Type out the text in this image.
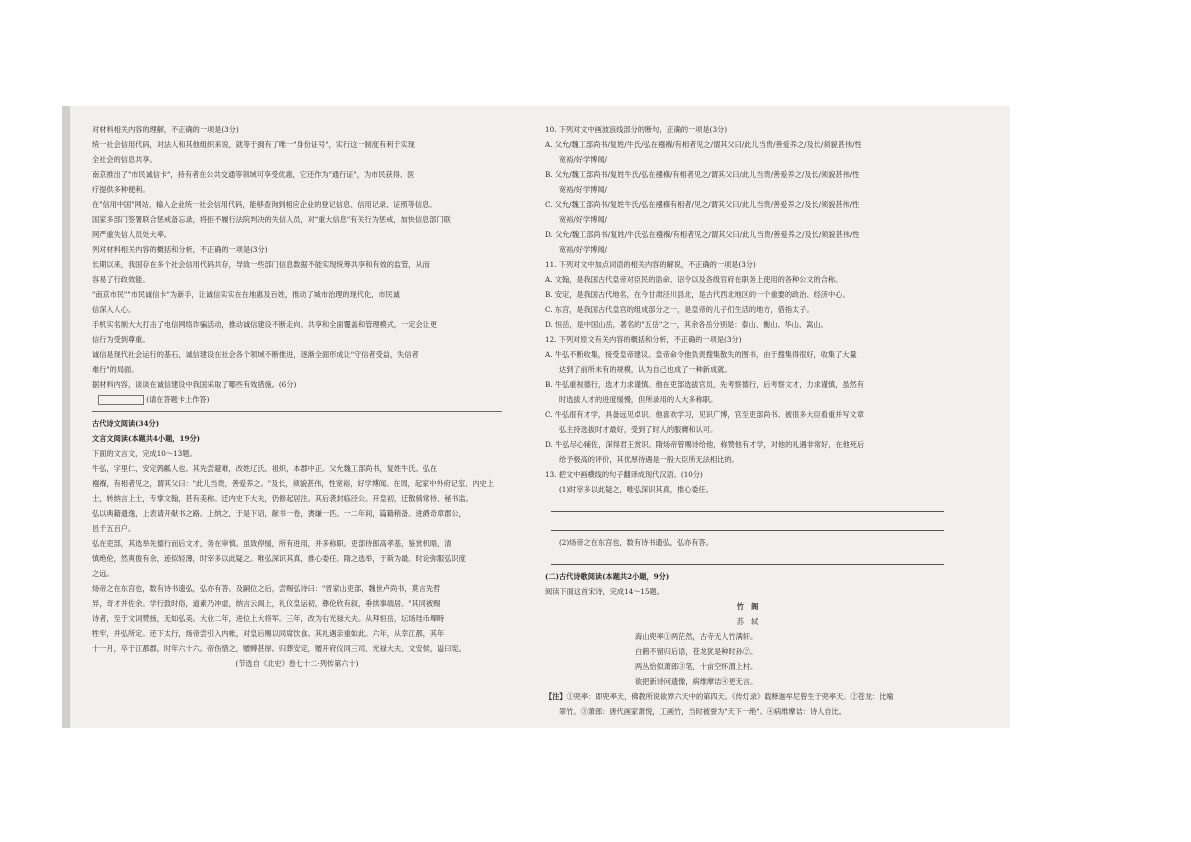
对材料相关内容的理解，不正确的一项是(3分)
统一社会信用代码，对法人和其他组织来说，就等于拥有了唯一"身份证号"，实行这一制度有利于实现
全社会的信息共享。
南京推出了"市民诚信卡"，持有者在公共交通等领域可享受优惠，它还作为"通行证"，为市民获得、医
疗提供多种便利。
在"信用中国"网站，输入企业统一社会信用代码，能够查询到相应企业的登记信息、信用记录、证照等信息。
国家多部门签署联合惩戒备忘录，将拒不履行法院判决的失信人员，对"重大信息"有关行为惩戒，加快信息部门联
网严重失信人员处大率。
列对材料相关内容的概括和分析，不正确的一项是(3分)
长期以来，我国存在多个社会信用代码共存，导致一些部门信息数据不能实现统筹共享和有效的监管，从而
容易了行政效能。
"南京市民""市民诚信卡"为新手，让诚信实实在在地惠及百姓，推动了城市治理的现代化，市民诚
信深入人心。
手机实名制大大打击了电信网络诈骗活动，推动诚信建设不断走向、共享和全面覆盖和管理模式，一定会让更
信行为受到尊重。
诚信是现代社会运行的基石，诚信建设在社会各个领域不断推进，逐渐全面形成让"守信者受益，失信者
难行"的局面。
据材料内容，谈谈在诚信建设中我国采取了哪些有效措施。(6分)
(请在答题卡上作答)
古代诗文阅读(34分)
文言文阅读(本题共4小题，19分)
下面的文言文，完成10～13题。
牛弘，字里仁，安定鹑觚人也。其先尝避难，改姓辽氏。祖炽，本郡中正。父允魏工部尚书，复姓牛氏。弘在
襁褓，有相者见之，谓其父曰："此儿当贵，善爱养之。"及长，须貌甚伟，性宽裕，好学博闻。在周，起家中外府记室、内史上
士，转纳言上士，专掌文翰，甚有美称。迁内史下大夫，仍修起居注。其后袭封临泾公。开皇初，迁散骑常侍、秘书监。
弘以典籍遗逸，上表请开献书之路。上纳之，于是下诏，献书一卷，赉缣一匹。一二年间，篇籍稍备。进爵奇章郡公，
邑千五百户。
弘在吏部，其选举先德行而后文才，务在审慎。虽致停缓，所有进用，并多称职。吏部侍郎高孝基，鉴赏机晤，清
慎绝伦，然爽俊有余，迹似轻薄，时宰多以此疑之。唯弘深识其真，推心委任。隋之选举，于斯为最。时论弥服弘识度
之远。
炀帝之在东宫也，数有诗书遗弘，弘亦有答。及嗣位之后，尝赐弘诗曰："晋家山吏部，魏世卢尚书，莫言先哲
异，奇才并佐余。学行敦时俗，道素乃冲虚，纳言云阁上，礼仪皇运初，彝伦欣有叙，垂拱事端居。"其同被赐
诗者，至于文词赞扬，无如弘美。大业二年，进位上大将军。三年，改为右光禄大夫。从拜恒岳，坛场珪币墠畤
牲牢，并弘所定。还下太行，炀帝尝引入内帐，对皇后赐以同席饮食。其礼遇亲重如此。六年，从幸江都，其年
十一月，卒于江都郡，时年六十六。帝伤惜之，赠赙甚厚。归葬安定，赠开府仪同三司、光禄大夫、文安侯，谥曰宪。
(节选自《北史》卷七十二·列传第六十)
10. 下列对文中画波浪线部分的断句，正确的一项是(3分)
A. 父允/魏工部尚书/复姓/牛氏/弘在襁褓/有相者见之/谓其父曰/此儿当贵/善爱养之/及长/须貌甚伟/性
宽裕/好学博闻/
B. 父允/魏工部尚书/复姓牛氏/弘在襁褓/有相者见之/谓其父曰/此儿当贵/善爱养之/及长/须貌甚伟/性
宽裕/好学博闻/
C. 父允/魏工部尚书/复姓牛氏/弘在襁褓有相者/见之/谓其父曰/此儿当贵/善爱养之/及长/须貌甚伟/性
宽裕/好学博闻/
D. 父允/魏工部尚书/复姓/牛氏弘在襁褓/有相者见之/谓其父曰/此儿当贵/善爱养之/及长/须貌甚伟/性
宽裕/好学博闻/
11. 下列对文中加点词语的相关内容的解说，不正确的一项是(3分)
A. 文翰，是我国古代皇帝对臣民的诰命、诏令以及各级官府在职务上使用的各种公文的合称。
B. 安定，是我国古代地名，在今甘肃泾川县北，是古代西北地区的一个重要的政治、经济中心。
C. 东宫，是我国古代皇宫的组成部分之一，是皇帝的儿子们生活的地方，借指太子。
D. 恒岳，是中国山岳，著名的"五岳"之一，其余各岳分别是：泰山、衡山、华山、嵩山。
12. 下列对原文有关内容的概括和分析，不正确的一项是(3分)
A. 牛弘不断收集，接受皇帝建议。皇帝命令他负责搜集散失的图书，由于搜集得很好，收集了大量
达到了前所未有的规模，认为自己也成了一种新成就。
B. 牛弘重视德行，选才力求谨慎。他在吏部选拔官员，先考察德行，后考察文才，力求谨慎，虽然有
时选拔人才的进度缓慢，但所录用的人大多称职。
C. 牛弘很有才学，具备远见卓识。他喜欢学习，见识广博，官至吏部尚书。被很多大臣看重并写文章
弘主持选拔时才最好，受到了时人的服膺和认可。
D. 牛弘尽心辅佐，深得君王赏识。隋炀帝曾赐诗给他，称赞他有才学，对他的礼遇非常好，在他死后
给予极高的评价，其优厚待遇是一般大臣所无法相比的。
13. 把文中画横线的句子翻译成现代汉语。(10分)
(1)时宰多以此疑之，唯弘深识其真，推心委任。
(2)炀帝之在东宫也，数有诗书遗弘，弘亦有答。
(二)古代诗歌阅读(本题共2小题，9分)
阅读下面这首宋诗，完成14～15题。
竹　阁
苏　轼
海山兜率①两茫然，古寺无人竹满轩。
白鹤不留归后语，苍龙犹是种时孙②。
两丛恰似萧郎③笔，十亩空怀渭上村。
欲把新诗问遗像，病维摩诘④更无言。
【注】①兜率：即兜率天，佛教所说欲界六天中的第四天。《传灯录》载释迦牟尼曾生于兜率天。②苍龙：比喻
翠竹。③萧郎：唐代画家萧悦，工画竹，当时被誉为"天下一绝"。④病维摩诘：诗人自比。
